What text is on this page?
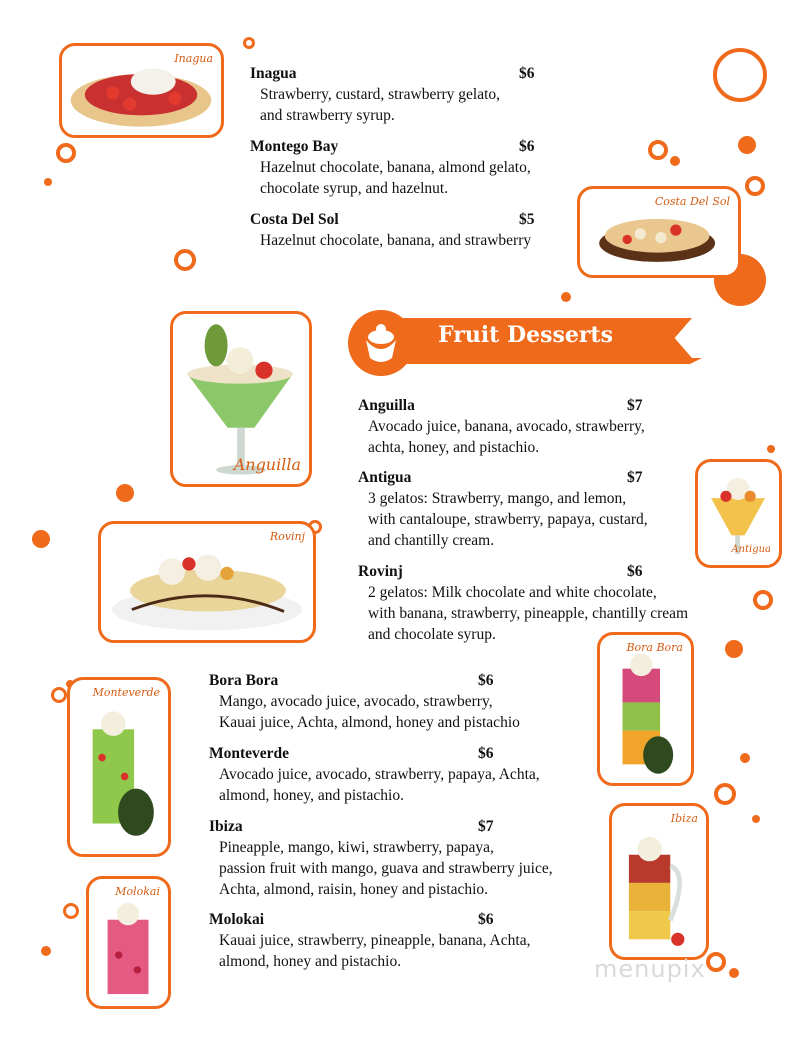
Inagua
Costa Del Sol
Anguilla
Antigua
Rovinj
Bora Bora
Monteverde
Ibiza
Molokai
Fruit Desserts
Inagua	$6
Strawberry, custard, strawberry gelato,
and strawberry syrup.
Montego Bay	$6
Hazelnut chocolate, banana, almond gelato,
chocolate syrup, and hazelnut.
Costa Del Sol	$5
Hazelnut chocolate, banana, and strawberry
Anguilla	$7
Avocado juice, banana, avocado, strawberry,
achta, honey, and pistachio.
Antigua	$7
3 gelatos: Strawberry, mango, and lemon,
with cantaloupe, strawberry, papaya, custard,
and chantilly cream.
Rovinj	$6
2 gelatos: Milk chocolate and white chocolate,
with banana, strawberry, pineapple, chantilly cream
and chocolate syrup.
Bora Bora	$6
Mango, avocado juice, avocado, strawberry,
Kauai juice, Achta, almond, honey and pistachio
Monteverde	$6
Avocado juice, avocado, strawberry, papaya, Achta,
almond, honey, and pistachio.
Ibiza	$7
Pineapple, mango, kiwi, strawberry, papaya,
passion fruit with mango, guava and strawberry juice,
Achta, almond, raisin, honey and pistachio.
Molokai	$6
Kauai juice, strawberry, pineapple, banana, Achta,
almond, honey and pistachio.	menupix
